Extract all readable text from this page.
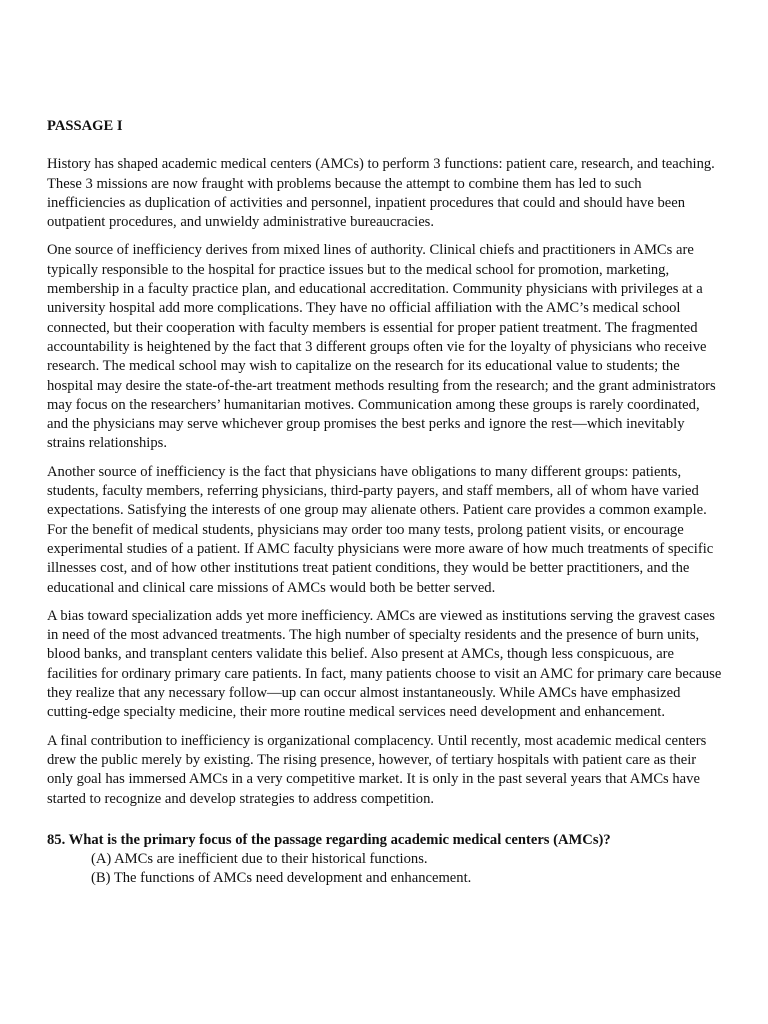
PASSAGE I

History has shaped academic medical centers (AMCs) to perform 3 functions: patient care, research, and teaching. These 3 missions are now fraught with problems because the attempt to combine them has led to such inefficiencies as duplication of activities and personnel, inpatient procedures that could and should have been outpatient procedures, and unwieldy administrative bureaucracies.

One source of inefficiency derives from mixed lines of authority. Clinical chiefs and practitioners in AMCs are typically responsible to the hospital for practice issues but to the medical school for promotion, marketing, membership in a faculty practice plan, and educational accreditation. Community physicians with privileges at a university hospital add more complications. They have no official affiliation with the AMC’s medical school connected, but their cooperation with faculty members is essential for proper patient treatment. The fragmented accountability is heightened by the fact that 3 different groups often vie for the loyalty of physicians who receive research. The medical school may wish to capitalize on the research for its educational value to students; the hospital may desire the state-of-the-art treatment methods resulting from the research; and the grant administrators may focus on the researchers’ humanitarian motives. Communication among these groups is rarely coordinated, and the physicians may serve whichever group promises the best perks and ignore the rest—which inevitably strains relationships.

Another source of inefficiency is the fact that physicians have obligations to many different groups: patients, students, faculty members, referring physicians, third-party payers, and staff members, all of whom have varied expectations. Satisfying the interests of one group may alienate others. Patient care provides a common example. For the benefit of medical students, physicians may order too many tests, prolong patient visits, or encourage experimental studies of a patient. If AMC faculty physicians were more aware of how much treatments of specific illnesses cost, and of how other institutions treat patient conditions, they would be better practitioners, and the educational and clinical care missions of AMCs would both be better served.

A bias toward specialization adds yet more inefficiency. AMCs are viewed as institutions serving the gravest cases in need of the most advanced treatments. The high number of specialty residents and the presence of burn units, blood banks, and transplant centers validate this belief. Also present at AMCs, though less conspicuous, are facilities for ordinary primary care patients. In fact, many patients choose to visit an AMC for primary care because they realize that any necessary follow—up can occur almost instantaneously. While AMCs have emphasized cutting-edge specialty medicine, their more routine medical services need development and enhancement.

A final contribution to inefficiency is organizational complacency. Until recently, most academic medical centers drew the public merely by existing. The rising presence, however, of tertiary hospitals with patient care as their only goal has immersed AMCs in a very competitive market. It is only in the past several years that AMCs have started to recognize and develop strategies to address competition.

85. What is the primary focus of the passage regarding academic medical centers (AMCs)?
(A) AMCs are inefficient due to their historical functions.
(B) The functions of AMCs need development and enhancement.
